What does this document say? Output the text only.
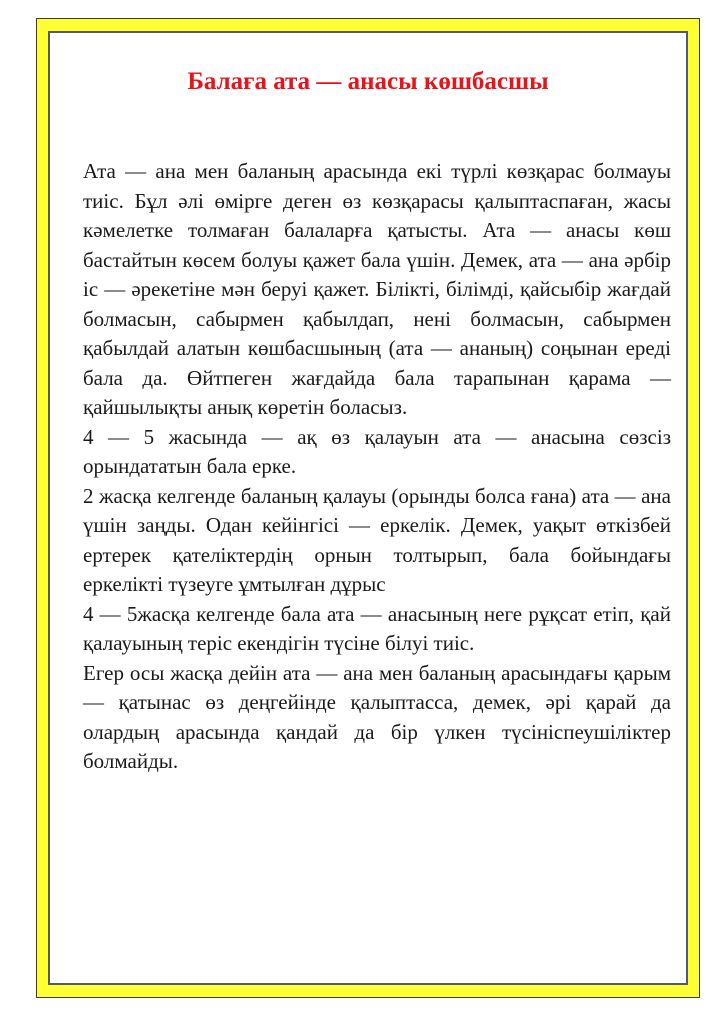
Балаға ата — анасы көшбасшы

Ата — ана мен баланың арасында екі түрлі көзқарас болмауы тиіс. Бұл әлі өмірге деген өз көзқарасы қалыптаспаған, жасы кәмелетке толмаған балаларға қатысты. Ата — анасы көш бастайтын көсем болуы қажет бала үшін. Демек, ата — ана әрбір іс — әрекетіне мән беруі қажет. Білікті, білімді, қайсыбір жағдай болмасын, сабырмен қабылдап, нені болмасын, сабырмен қабылдай алатын көшбасшының (ата — ананың) соңынан ереді бала да. Өйтпеген жағдайда бала тарапынан қарама — қайшылықты анық көретін боласыз.

4 — 5 жасында — ақ өз қалауын ата — анасына сөзсіз орындататын бала ерке.

2 жасқа келгенде баланың қалауы (орынды болса ғана) ата — ана үшін заңды. Одан кейінгісі — еркелік. Демек, уақыт өткізбей ертерек қателіктердің орнын толтырып, бала бойындағы еркелікті түзеуге ұмтылған дұрыс

4 — 5жасқа келгенде бала ата — анасының неге рұқсат етіп, қай қалауының теріс екендігін түсіне білуі тиіс.

Егер осы жасқа дейін ата — ана мен баланың арасындағы қарым — қатынас өз деңгейінде қалыптасса, демек, әрі қарай да олардың арасында қандай да бір үлкен түсініспеушіліктер болмайды.
